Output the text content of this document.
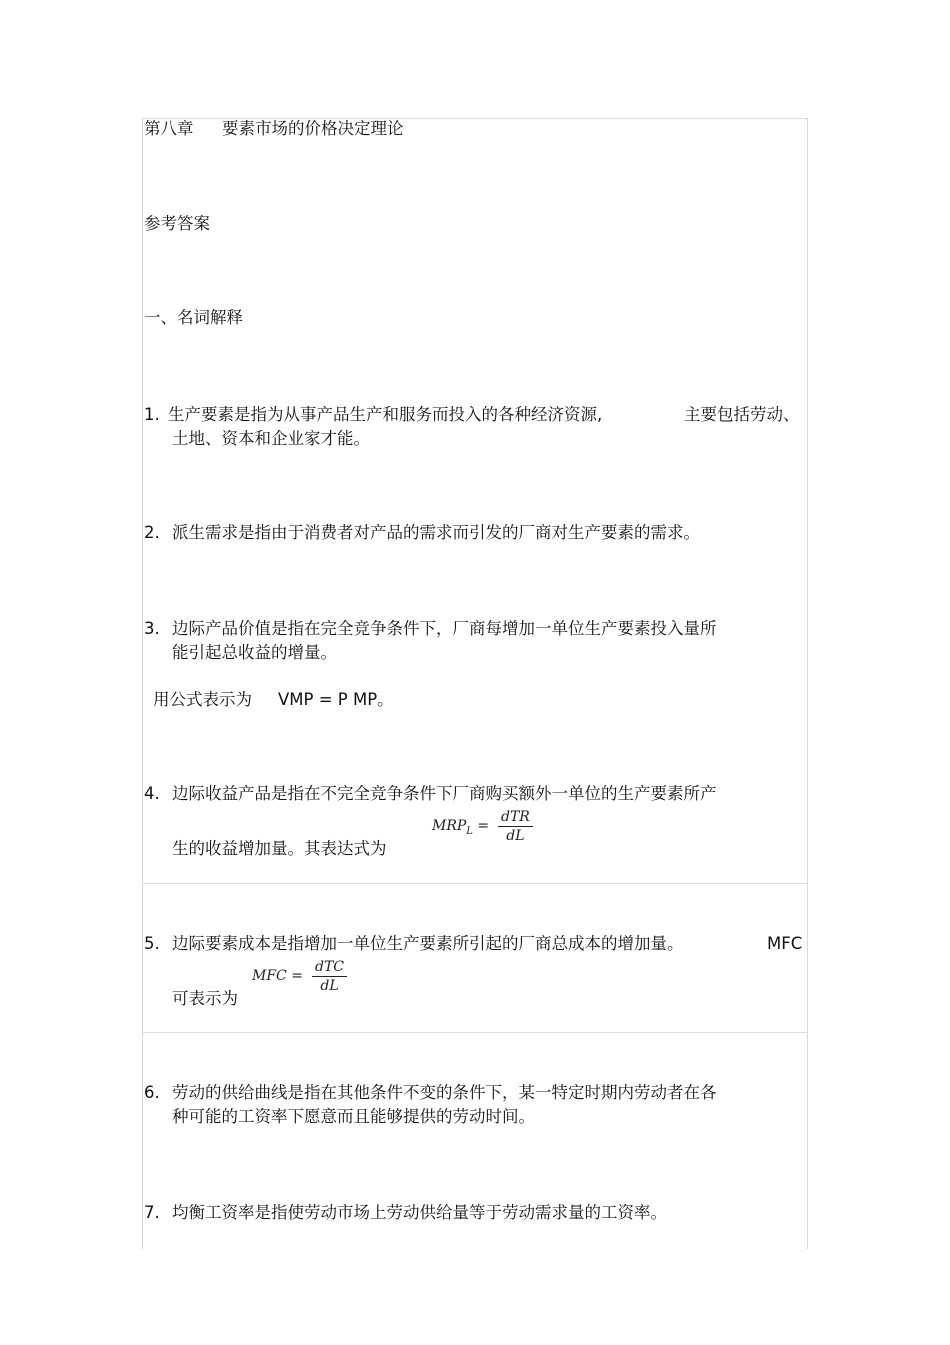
第八章 要素市场的价格决定理论
参考答案
一、名词解释
1. 生产要素是指为从事产品生产和服务而投入的各种经济资源,	主要包括劳动、
土地、资本和企业家才能。
2. 派生需求是指由于消费者对产品的需求而引发的厂商对生产要素的需求。
3. 边际产品价值是指在完全竞争条件下，厂商每增加一单位生产要素投入量所
能引起总收益的增量。
用公式表示为 VMP = P MP。
4. 边际收益产品是指在不完全竞争条件下厂商购买额外一单位的生产要素所产
生的收益增加量。其表达式为
$MRP_L$ =
dTR
dL
5. 边际要素成本是指增加一单位生产要素所引起的厂商总成本的增加量。	MFC
可表示为
MFC =
dTC
dL
6. 劳动的供给曲线是指在其他条件不变的条件下，某一特定时期内劳动者在各
种可能的工资率下愿意而且能够提供的劳动时间。
7. 均衡工资率是指使劳动市场上劳动供给量等于劳动需求量的工资率。
